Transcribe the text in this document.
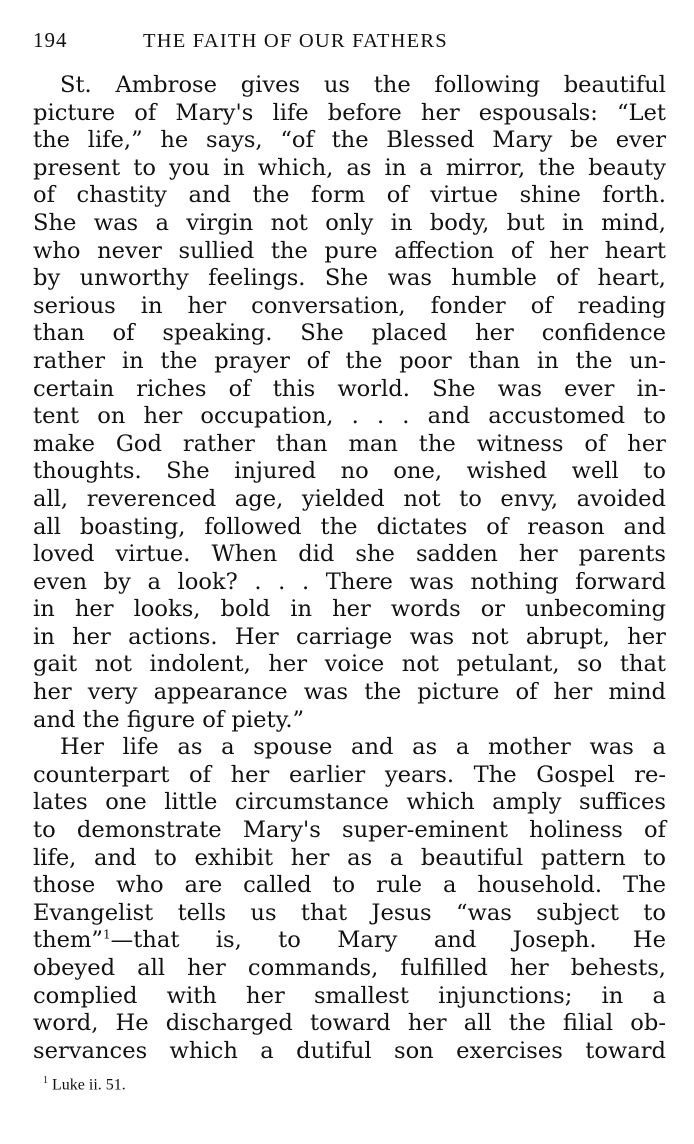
194	THE FAITH OF OUR FATHERS
St. Ambrose gives us the following beautiful
picture of Mary's life before her espousals: “Let
the life,” he says, “of the Blessed Mary be ever
present to you in which, as in a mirror, the beauty
of chastity and the form of virtue shine forth.
She was a virgin not only in body, but in mind,
who never sullied the pure affection of her heart
by unworthy feelings. She was humble of heart,
serious in her conversation, fonder of reading
than of speaking. She placed her confidence
rather in the prayer of the poor than in the un-
certain riches of this world. She was ever in-
tent on her occupation, . . . and accustomed to
make God rather than man the witness of her
thoughts. She injured no one, wished well to
all, reverenced age, yielded not to envy, avoided
all boasting, followed the dictates of reason and
loved virtue. When did she sadden her parents
even by a look? . . . There was nothing forward
in her looks, bold in her words or unbecoming
in her actions. Her carriage was not abrupt, her
gait not indolent, her voice not petulant, so that
her very appearance was the picture of her mind
and the figure of piety.”
Her life as a spouse and as a mother was a
counterpart of her earlier years. The Gospel re-
lates one little circumstance which amply suffices
to demonstrate Mary's super-eminent holiness of
life, and to exhibit her as a beautiful pattern to
those who are called to rule a household. The
Evangelist tells us that Jesus “was subject to
them”$^1$—that is, to Mary and Joseph. He
obeyed all her commands, fulfilled her behests,
complied with her smallest injunctions; in a
word, He discharged toward her all the filial ob-
servances which a dutiful son exercises toward
$^1$ Luke ii. 51.
